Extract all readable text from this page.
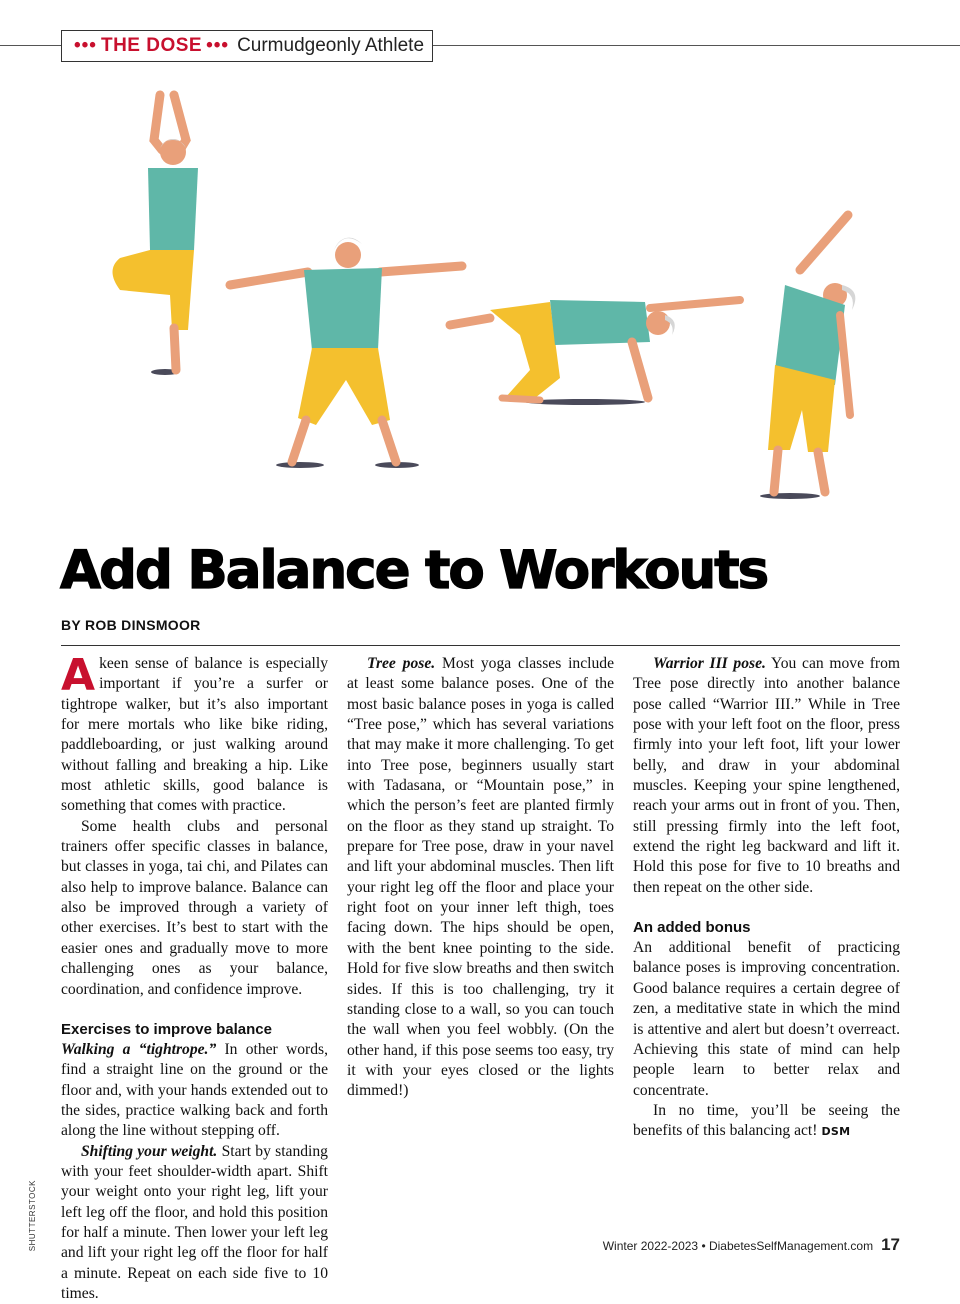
••• THE DOSE ••• Curmudgeonly Athlete
SHUTTERSTOCK
Add Balance to Workouts
BY ROB DINSMOOR

Akeen sense of balance is especially important if you’re a surfer or tightrope walker, but it’s also important for mere mortals who like bike riding, paddleboarding, or just walking around without falling and breaking a hip. Like most athletic skills, good balance is something that comes with practice.

Some health clubs and personal trainers offer specific classes in balance, but classes in yoga, tai chi, and Pilates can also help to improve balance. Balance can also be improved through a variety of other exercises. It’s best to start with the easier ones and gradually move to more challenging ones as your balance, coordination, and confidence improve.

Exercises to improve balance

Walking a “tightrope.” In other words, find a straight line on the ground or the floor and, with your hands extended out to the sides, practice walking back and forth along the line without stepping off.

Shifting your weight. Start by standing with your feet shoulder-width apart. Shift your weight onto your right leg, lift your left leg off the floor, and hold this position for half a minute. Then lower your left leg and lift your right leg off the floor for half a minute. Repeat on each side five to 10 times.

Tree pose. Most yoga classes include at least some balance poses. One of the most basic balance poses in yoga is called “Tree pose,” which has several variations that may make it more challenging. To get into Tree pose, beginners usually start with Tadasana, or “Mountain pose,” in which the person’s feet are planted firmly on the floor as they stand up straight. To prepare for Tree pose, draw in your navel and lift your abdominal muscles. Then lift your right leg off the floor and place your right foot on your inner left thigh, toes facing down. The hips should be open, with the bent knee pointing to the side. Hold for five slow breaths and then switch sides. If this is too challenging, try it standing close to a wall, so you can touch the wall when you feel wobbly. (On the other hand, if this pose seems too easy, try it with your eyes closed or the lights dimmed!)

Warrior III pose. You can move from Tree pose directly into another balance pose called “Warrior III.” While in Tree pose with your left foot on the floor, press firmly into your left foot, lift your lower belly, and draw in your abdominal muscles. Keeping your spine lengthened, reach your arms out in front of you. Then, still pressing firmly into the left foot, extend the right leg backward and lift it. Hold this pose for five to 10 breaths and then repeat on the other side.

An added bonus

An additional benefit of practicing balance poses is improving concentration. Good balance requires a certain degree of zen, a meditative state in which the mind is attentive and alert but doesn’t overreact. Achieving this state of mind can help people learn to better relax and concentrate.

In no time, you’ll be seeing the benefits of this balancing act! DSM

Winter 2022-2023 • DiabetesSelfManagement.com 17
